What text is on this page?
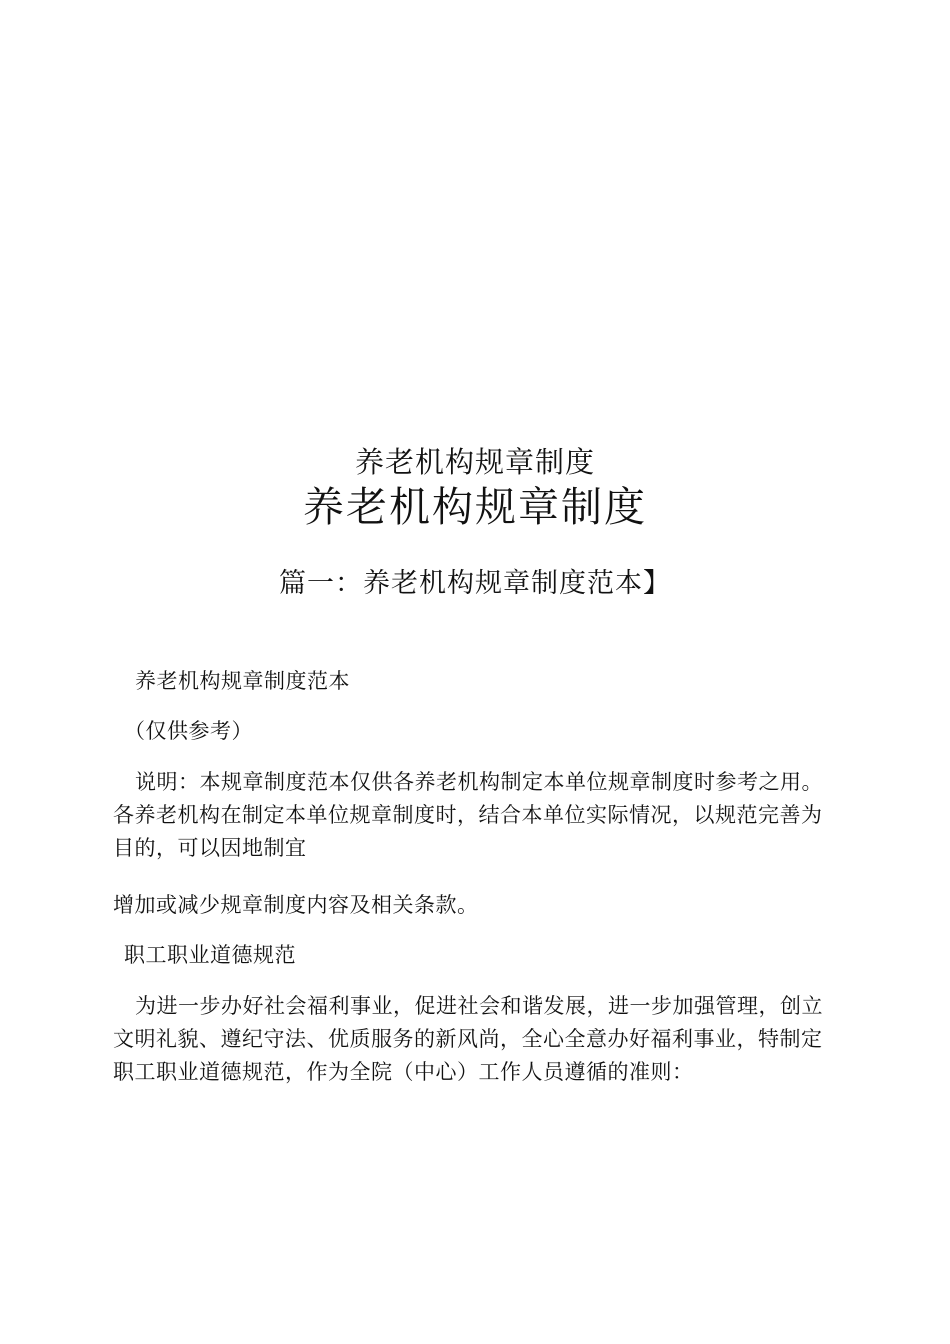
养老机构规章制度
养老机构规章制度
篇一：养老机构规章制度范本】

养老机构规章制度范本

（仅供参考）

说明：本规章制度范本仅供各养老机构制定本单位规章制度时参考之用。各养老机构在制定本单位规章制度时，结合本单位实际情况，以规范完善为目的，可以因地制宜

增加或减少规章制度内容及相关条款。

职工职业道德规范

为进一步办好社会福利事业，促进社会和谐发展，进一步加强管理，创立文明礼貌、遵纪守法、优质服务的新风尚，全心全意办好福利事业，特制定职工职业道德规范，作为全院（中心）工作人员遵循的准则：
